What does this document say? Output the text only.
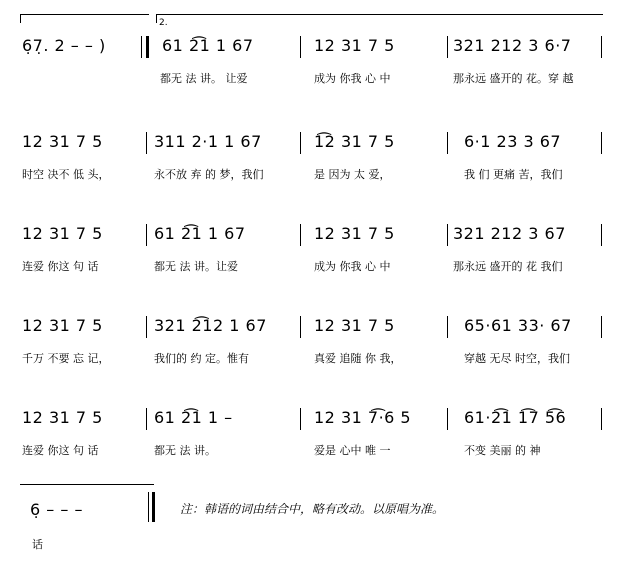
2.
6̣7̣. 2 – – )	61 2͡1 1 67
都无 法 讲。 让爱
12 31 7 5
成为 你我 心 中
321 212 3 6·7
那永远 盛开的 花。穿 越
12 31 7 5
时空 决不 低 头，
311 2·1 1 67
永不放 弃 的 梦，我们
1͡2 31 7 5
是 因为 太 爱，
6·1 23 3 67
我 们 更痛 苦，我们
12 31 7 5
连爱 你这 句 话
61 2͡1 1 67
都无 法 讲。让爱
12 31 7 5
成为 你我 心 中
321 212 3 67
那永远 盛开的 花 我们
12 31 7 5
千万 不要 忘 记，
321 2͡12 1 67
我们的 约 定。惟有
12 31 7 5
真爱 追随 你 我，
65·61 33· 67
穿越 无尽 时空，我们
12 31 7 5
连爱 你这 句 话
61 2͡1 1 –
都无 法 讲。
12 31 7͡·6 5
爱是 心中 唯 一
61·2͡1 1͡7 5͡6
不变 美丽 的 神
6̣ – – –
话
注：韩语的词由结合中，略有改动。以原唱为准。
